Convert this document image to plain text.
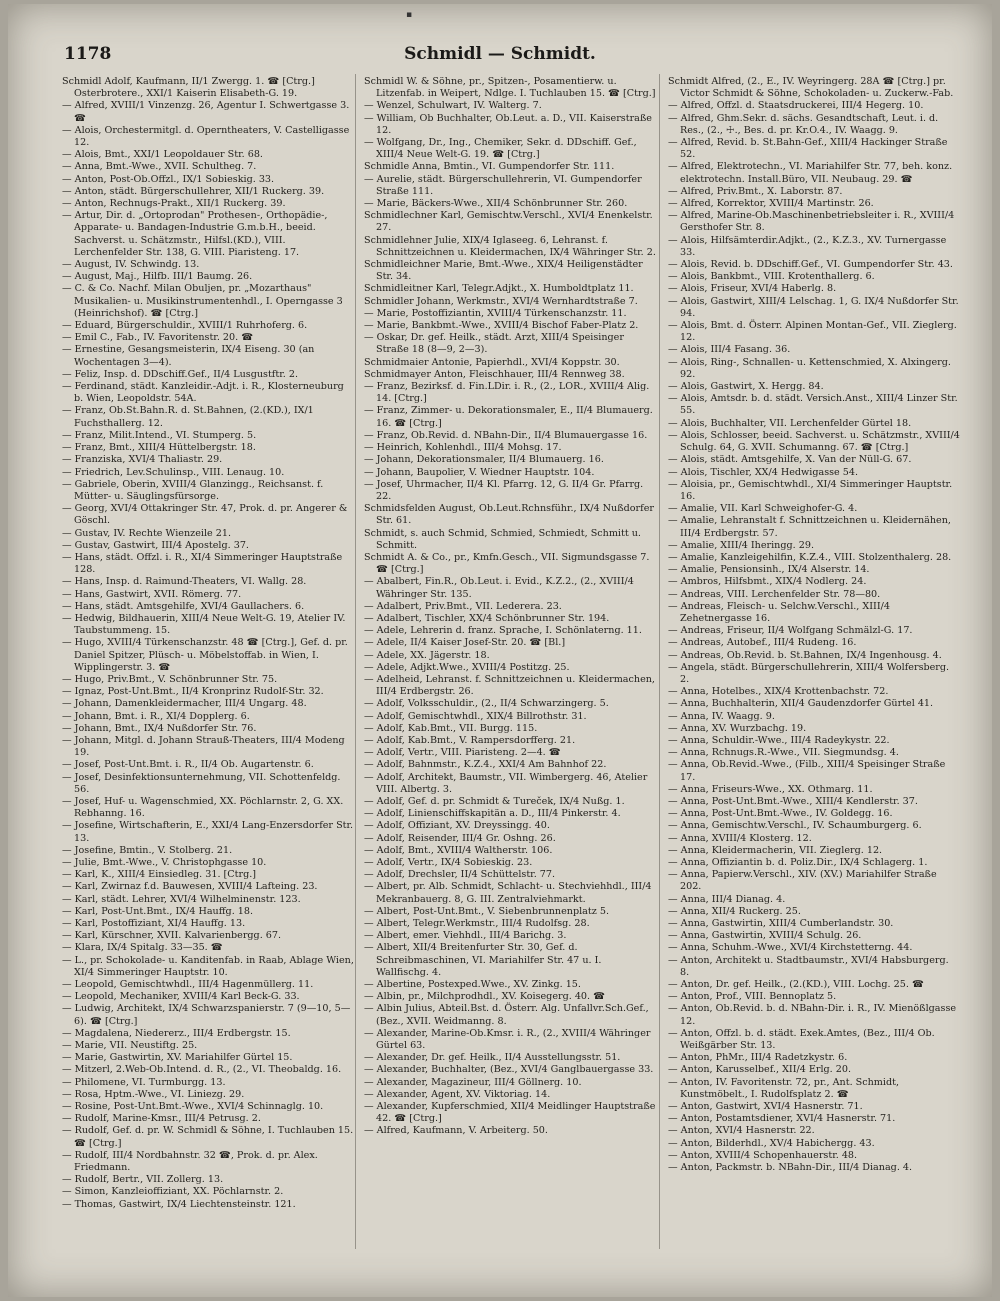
▪
1178	Schmidl — Schmidt.

Schmidl Adolf, Kaufmann, II/1 Zwergg. 1. ☎ [Ctrg.] Osterbrotere., XXI/1 Kaiserin Elisabeth-G. 19.

— Alfred, XVIII/1 Vinzenzg. 26, Agentur I. Schwertgasse 3. ☎

— Alois, Orchestermitgl. d. Operntheaters, V. Castelligasse 12.

— Alois, Bmt., XXI/1 Leopoldauer Str. 68.

— Anna, Bmt.-Wwe., XVII. Schultheg. 7.

— Anton, Post-Ob.Offzl., IX/1 Sobieskig. 33.

— Anton, städt. Bürgerschullehrer, XII/1 Ruckerg. 39.

— Anton, Rechnugs-Prakt., XII/1 Ruckerg. 39.

— Artur, Dir. d. „Ortoprodan" Prothesen-, Orthopädie-, Apparate- u. Bandagen-Industrie G.m.b.H., beeid. Sachverst. u. Schätzmstr., Hilfsl.(KD.), VIII. Lerchenfelder Str. 138, G. VIII. Piaristeng. 17.

— August, IV. Schwindg. 13.

— August, Maj., Hilfb. III/1 Baumg. 26.

— C. & Co. Nachf. Milan Obuljen, pr. „Mozarthaus" Musikalien- u. Musikinstrumentenhdl., I. Operngasse 3 (Heinrichshof). ☎ [Ctrg.]

— Eduard, Bürgerschuldir., XVIII/1 Ruhrhoferg. 6.

— Emil C., Fab., IV. Favoritenstr. 20. ☎

— Ernestine, Gesangsmeisterin, IX/4 Eiseng. 30 (an Wochentagen 3—4).

— Feliz, Insp. d. DDschiff.Gef., II/4 Lusgustftr. 2.

— Ferdinand, städt. Kanzleidir.-Adjt. i. R., Klosterneuburg b. Wien, Leopoldstr. 54A.

— Franz, Ob.St.Bahn.R. d. St.Bahnen, (2.(KD.), IX/1 Fuchsthallerg. 12.

— Franz, Milit.Intend., VI. Stumperg. 5.

— Franz, Bmt., XIII/4 Hüttelbergstr. 18.

— Franziska, XVI/4 Thaliastr. 29.

— Friedrich, Lev.Schulinsp., VIII. Lenaug. 10.

— Gabriele, Oberin, XVIII/4 Glanzingg., Reichsanst. f. Mütter- u. Säuglingsfürsorge.

— Georg, XVI/4 Ottakringer Str. 47, Prok. d. pr. Angerer & Göschl.

— Gustav, IV. Rechte Wienzeile 21.

— Gustav, Gastwirt, III/4 Apostelg. 37.

— Hans, städt. Offzl. i. R., XI/4 Simmeringer Hauptstraße 128.

— Hans, Insp. d. Raimund-Theaters, VI. Wallg. 28.

— Hans, Gastwirt, XVII. Römerg. 77.

— Hans, städt. Amtsgehilfe, XVI/4 Gaullachers. 6.

— Hedwig, Bildhauerin, XIII/4 Neue Welt-G. 19, Atelier IV. Taubstummeng. 15.

— Hugo, XVIII/4 Türkenschanzstr. 48 ☎ [Ctrg.], Gef. d. pr. Daniel Spitzer, Plüsch- u. Möbelstoffab. in Wien, I. Wipplingerstr. 3. ☎

— Hugo, Priv.Bmt., V. Schönbrunner Str. 75.

— Ignaz, Post-Unt.Bmt., II/4 Kronprinz Rudolf-Str. 32.

— Johann, Damenkleidermacher, III/4 Ungarg. 48.

— Johann, Bmt. i. R., XI/4 Dopplerg. 6.

— Johann, Bmt., IX/4 Nußdorfer Str. 76.

— Johann, Mitgl. d. Johann Strauß-Theaters, III/4 Modeng 19.

— Josef, Post-Unt.Bmt. i. R., II/4 Ob. Augartenstr. 6.

— Josef, Desinfektionsunternehmung, VII. Schottenfeldg. 56.

— Josef, Huf- u. Wagenschmied, XX. Pöchlarnstr. 2, G. XX. Rebhanng. 16.

— Josefine, Wirtschafterin, E., XXI/4 Lang-Enzersdorfer Str. 13.

— Josefine, Bmtin., V. Stolberg. 21.

— Julie, Bmt.-Wwe., V. Christophgasse 10.

— Karl, K., XIII/4 Einsiedleg. 31. [Ctrg.]

— Karl, Zwirnaz f.d. Bauwesen, XVIII/4 Lafteing. 23.

— Karl, städt. Lehrer, XVI/4 Wilhelminenstr. 123.

— Karl, Post-Unt.Bmt., IX/4 Hauffg. 18.

— Karl, Postoffiziant, XI/4 Hauffg. 13.

— Karl, Kürschner, XVII. Kalvarienbergg. 67.

— Klara, IX/4 Spitalg. 33—35. ☎

— L., pr. Schokolade- u. Kanditenfab. in Raab, Ablage Wien, XI/4 Simmeringer Hauptstr. 10.

— Leopold, Gemischtwhdl., III/4 Hagenmüllerg. 11.

— Leopold, Mechaniker, XVIII/4 Karl Beck-G. 33.

— Ludwig, Architekt, IX/4 Schwarzspanierstr. 7 (9—10, 5—6). ☎ [Ctrg.]

— Magdalena, Niedererz., III/4 Erdbergstr. 15.

— Marie, VII. Neustiftg. 25.

— Marie, Gastwirtin, XV. Mariahilfer Gürtel 15.

— Mitzerl, 2.Web-Ob.Intend. d. R., (2., VI. Theobaldg. 16.

— Philomene, VI. Turmburgg. 13.

— Rosa, Hptm.-Wwe., VI. Liniezg. 29.

— Rosine, Post-Unt.Bmt.-Wwe., XVI/4 Schinnaglg. 10.

— Rudolf, Marine-Kmsr., III/4 Petrusg. 2.

— Rudolf, Gef. d. pr. W. Schmidl & Söhne, I. Tuchlauben 15. ☎ [Ctrg.]

— Rudolf, III/4 Nordbahnstr. 32 ☎, Prok. d. pr. Alex. Friedmann.

— Rudolf, Bertr., VII. Zollerg. 13.

— Simon, Kanzleioffiziant, XX. Pöchlarnstr. 2.

— Thomas, Gastwirt, IX/4 Liechtensteinstr. 121.

Schmidl W. & Söhne, pr., Spitzen-, Posamentierw. u. Litzenfab. in Weipert, Ndlge. I. Tuchlauben 15. ☎ [Ctrg.]

— Wenzel, Schulwart, IV. Walterg. 7.

— William, Ob Buchhalter, Ob.Leut. a. D., VII. Kaiserstraße 12.

— Wolfgang, Dr., Ing., Chemiker, Sekr. d. DDschiff. Gef., XIII/4 Neue Welt-G. 19. ☎ [Ctrg.]

Schmidle Anna, Bmtin., VI. Gumpendorfer Str. 111.

— Aurelie, städt. Bürgerschullehrerin, VI. Gumpendorfer Straße 111.

— Marie, Bäckers-Wwe., XII/4 Schönbrunner Str. 260.

Schmidlechner Karl, Gemischtw.Verschl., XVI/4 Enenkelstr. 27.

Schmidlehner Julie, XIX/4 Iglaseeg. 6, Lehranst. f. Schnittzeichnen u. Kleidermachen, IX/4 Währinger Str. 2.

Schmidleichner Marie, Bmt.-Wwe., XIX/4 Heiligenstädter Str. 34.

Schmidleitner Karl, Telegr.Adjkt., X. Humboldtplatz 11.

Schmidler Johann, Werkmstr., XVI/4 Wernhardtstraße 7.

— Marie, Postoffiziantin, XVIII/4 Türkenschanzstr. 11.

— Marie, Bankbmt.-Wwe., XVIII/4 Bischof Faber-Platz 2.

— Oskar, Dr. gef. Heilk., städt. Arzt, XIII/4 Speisinger Straße 18 (8—9, 2—3).

Schmidmaier Antonie, Papierhdl., XVI/4 Koppstr. 30.

Schmidmayer Anton, Fleischhauer, III/4 Rennweg 38.

— Franz, Bezirksf. d. Fin.LDir. i. R., (2., LOR., XVIII/4 Alig. 14. [Ctrg.]

— Franz, Zimmer- u. Dekorationsmaler, E., II/4 Blumauerg. 16. ☎ [Ctrg.]

— Franz, Ob.Revid. d. NBahn-Dir., II/4 Blumauergasse 16.

— Heinrich, Kohlenhdl., III/4 Mohsg. 17.

— Johann, Dekorationsmaler, II/4 Blumauerg. 16.

— Johann, Baupolier, V. Wiedner Hauptstr. 104.

— Josef, Uhrmacher, II/4 Kl. Pfarrg. 12, G. II/4 Gr. Pfarrg. 22.

Schmidsfelden August, Ob.Leut.Rchnsführ., IX/4 Nußdorfer Str. 61.

Schmidt, s. auch Schmid, Schmied, Schmiedt, Schmitt u. Schmitt.

Schmidt A. & Co., pr., Kmfn.Gesch., VII. Sigmundsgasse 7. ☎ [Ctrg.]

— Abalbert, Fin.R., Ob.Leut. i. Evid., K.Z.2., (2., XVIII/4 Währinger Str. 135.

— Adalbert, Priv.Bmt., VII. Lederera. 23.

— Adalbert, Tischler, XX/4 Schönbrunner Str. 194.

— Adele, Lehrerin d. franz. Sprache, I. Schönlaterng. 11.

— Adele, II/4 Kaiser Josef-Str. 20. ☎ [Bl.]

— Adele, XX. Jägerstr. 18.

— Adele, Adjkt.Wwe., XVIII/4 Postitzg. 25.

— Adelheid, Lehranst. f. Schnittzeichnen u. Kleidermachen, III/4 Erdbergstr. 26.

— Adolf, Volksschuldir., (2., II/4 Schwarzingerg. 5.

— Adolf, Gemischtwhdl., XIX/4 Billrothstr. 31.

— Adolf, Kab.Bmt., VII. Burgg. 115.

— Adolf, Kab.Bmt., V. Rampersdorfferg. 21.

— Adolf, Vertr., VIII. Piaristeng. 2—4. ☎

— Adolf, Bahnmstr., K.Z.4., XXI/4 Am Bahnhof 22.

— Adolf, Architekt, Baumstr., VII. Wimbergerg. 46, Atelier VIII. Albertg. 3.

— Adolf, Gef. d. pr. Schmidt & Tureček, IX/4 Nußg. 1.

— Adolf, Linienschiffskapitän a. D., III/4 Pinkerstr. 4.

— Adolf, Offiziant, XV. Dreyssingg. 40.

— Adolf, Reisender, III/4 Gr. Oshng. 26.

— Adolf, Bmt., XVIII/4 Waltherstr. 106.

— Adolf, Vertr., IX/4 Sobieskig. 23.

— Adolf, Drechsler, II/4 Schüttelstr. 77.

— Albert, pr. Alb. Schmidt, Schlacht- u. Stechviehhdl., III/4 Mekranbauerg. 8, G. III. Zentralviehmarkt.

— Albert, Post-Unt.Bmt., V. Siebenbrunnenplatz 5.

— Albert, Telegr.Werkmstr., III/4 Rudolfsg. 28.

— Albert, emer. Viehhdl., III/4 Barichg. 3.

— Albert, XII/4 Breitenfurter Str. 30, Gef. d. Schreibmaschinen, VI. Mariahilfer Str. 47 u. I. Wallfischg. 4.

— Albertine, Postexped.Wwe., XV. Zinkg. 15.

— Albin, pr., Milchprodhdl., XV. Koisegerg. 40. ☎

— Albin Julius, Abteil.Bst. d. Österr. Alg. Unfallvr.Sch.Gef., (Bez., XVII. Weidmanng. 8.

— Alexander, Marine-Ob.Kmsr. i. R., (2., XVIII/4 Währinger Gürtel 63.

— Alexander, Dr. gef. Heilk., II/4 Ausstellungsstr. 51.

— Alexander, Buchhalter, (Bez., XVI/4 Ganglbauergasse 33.

— Alexander, Magazineur, III/4 Göllnerg. 10.

— Alexander, Agent, XV. Viktoriag. 14.

— Alexander, Kupferschmied, XII/4 Meidlinger Hauptstraße 42. ☎ [Ctrg.]

— Alfred, Kaufmann, V. Arbeiterg. 50.

Schmidt Alfred, (2., E., IV. Weyringerg. 28A ☎ [Ctrg.] pr. Victor Schmidt & Söhne, Schokoladen- u. Zuckerw.-Fab.

— Alfred, Offzl. d. Staatsdruckerei, III/4 Hegerg. 10.

— Alfred, Ghm.Sekr. d. sächs. Gesandtschaft, Leut. i. d. Res., (2., ☩., Bes. d. pr. Kr.O.4., IV. Waagg. 9.

— Alfred, Revid. b. St.Bahn-Gef., XIII/4 Hackinger Straße 52.

— Alfred, Elektrotechn., VI. Mariahilfer Str. 77, beh. konz. elektrotechn. Install.Büro, VII. Neubaug. 29. ☎

— Alfred, Priv.Bmt., X. Laborstr. 87.

— Alfred, Korrektor, XVIII/4 Martinstr. 26.

— Alfred, Marine-Ob.Maschinenbetriebsleiter i. R., XVIII/4 Gersthofer Str. 8.

— Alois, Hilfsämterdir.Adjkt., (2., K.Z.3., XV. Turnergasse 33.

— Alois, Revid. b. DDschiff.Gef., VI. Gumpendorfer Str. 43.

— Alois, Bankbmt., VIII. Krotenthallerg. 6.

— Alois, Friseur, XVI/4 Haberlg. 8.

— Alois, Gastwirt, XIII/4 Lelschag. 1, G. IX/4 Nußdorfer Str. 94.

— Alois, Bmt. d. Österr. Alpinen Montan-Gef., VII. Zieglerg. 12.

— Alois, III/4 Fasang. 36.

— Alois, Ring-, Schnallen- u. Kettenschmied, X. Alxingerg. 92.

— Alois, Gastwirt, X. Hergg. 84.

— Alois, Amtsdr. b. d. städt. Versich.Anst., XIII/4 Linzer Str. 55.

— Alois, Buchhalter, VII. Lerchenfelder Gürtel 18.

— Alois, Schlosser, beeid. Sachverst. u. Schätzmstr., XVIII/4 Schulg. 64, G. XVII. Schumanng. 67. ☎ [Ctrg.]

— Alois, städt. Amtsgehilfe, X. Van der Nüll-G. 67.

— Alois, Tischler, XX/4 Hedwigasse 54.

— Aloisia, pr., Gemischtwhdl., XI/4 Simmeringer Hauptstr. 16.

— Amalie, VII. Karl Schweighofer-G. 4.

— Amalie, Lehranstalt f. Schnittzeichnen u. Kleidernähen, III/4 Erdbergstr. 57.

— Amalie, XIII/4 Iheringg. 29.

— Amalie, Kanzleigehilfin, K.Z.4., VIII. Stolzenthalerg. 28.

— Amalie, Pensionsinh., IX/4 Alserstr. 14.

— Ambros, Hilfsbmt., XIX/4 Nodlerg. 24.

— Andreas, VIII. Lerchenfelder Str. 78—80.

— Andreas, Fleisch- u. Selchw.Verschl., XIII/4 Zehetnergasse 16.

— Andreas, Friseur, II/4 Wolfgang Schmälzl-G. 17.

— Andreas, Autobef., III/4 Rudeng. 16.

— Andreas, Ob.Revid. b. St.Bahnen, IX/4 Ingenhousg. 4.

— Angela, städt. Bürgerschullehrerin, XIII/4 Wolfersberg. 2.

— Anna, Hotelbes., XIX/4 Krottenbachstr. 72.

— Anna, Buchhalterin, XII/4 Gaudenzdorfer Gürtel 41.

— Anna, IV. Waagg. 9.

— Anna, XV. Wurzbachg. 19.

— Anna, Schuldir.-Wwe., III/4 Radeykystr. 22.

— Anna, Rchnugs.R.-Wwe., VII. Siegmundsg. 4.

— Anna, Ob.Revid.-Wwe., (Filb., XIII/4 Speisinger Straße 17.

— Anna, Friseurs-Wwe., XX. Othmarg. 11.

— Anna, Post-Unt.Bmt.-Wwe., XIII/4 Kendlerstr. 37.

— Anna, Post-Unt.Bmt.-Wwe., IV. Goldegg. 16.

— Anna, Gemischtw.Verschl., IV. Schaumburgerg. 6.

— Anna, XVIII/4 Klosterg. 12.

— Anna, Kleidermacherin, VII. Zieglerg. 12.

— Anna, Offiziantin b. d. Poliz.Dir., IX/4 Schlagerg. 1.

— Anna, Papierw.Verschl., XIV. (XV.) Mariahilfer Straße 202.

— Anna, III/4 Dianag. 4.

— Anna, XII/4 Ruckerg. 25.

— Anna, Gastwirtin, XIII/4 Cumberlandstr. 30.

— Anna, Gastwirtin, XVIII/4 Schulg. 26.

— Anna, Schuhm.-Wwe., XVI/4 Kirchstetterng. 44.

— Anton, Architekt u. Stadtbaumstr., XVI/4 Habsburgerg. 8.

— Anton, Dr. gef. Heilk., (2.(KD.), VIII. Lochg. 25. ☎

— Anton, Prof., VIII. Bennoplatz 5.

— Anton, Ob.Revid. b. d. NBahn-Dir. i. R., IV. Mienößlgasse 12.

— Anton, Offzl. b. d. städt. Exek.Amtes, (Bez., III/4 Ob. Weißgärber Str. 13.

— Anton, PhMr., III/4 Radetzkystr. 6.

— Anton, Karusselbef., XII/4 Erlg. 20.

— Anton, IV. Favoritenstr. 72, pr., Ant. Schmidt, Kunstmöbelt., I. Rudolfsplatz 2. ☎

— Anton, Gastwirt, XVI/4 Hasnerstr. 71.

— Anton, Postamtsdiener, XVI/4 Hasnerstr. 71.

— Anton, XVI/4 Hasnerstr. 22.

— Anton, Bilderhdl., XV/4 Habichergg. 43.

— Anton, XVIII/4 Schopenhauerstr. 48.

— Anton, Packmstr. b. NBahn-Dir., III/4 Dianag. 4.
